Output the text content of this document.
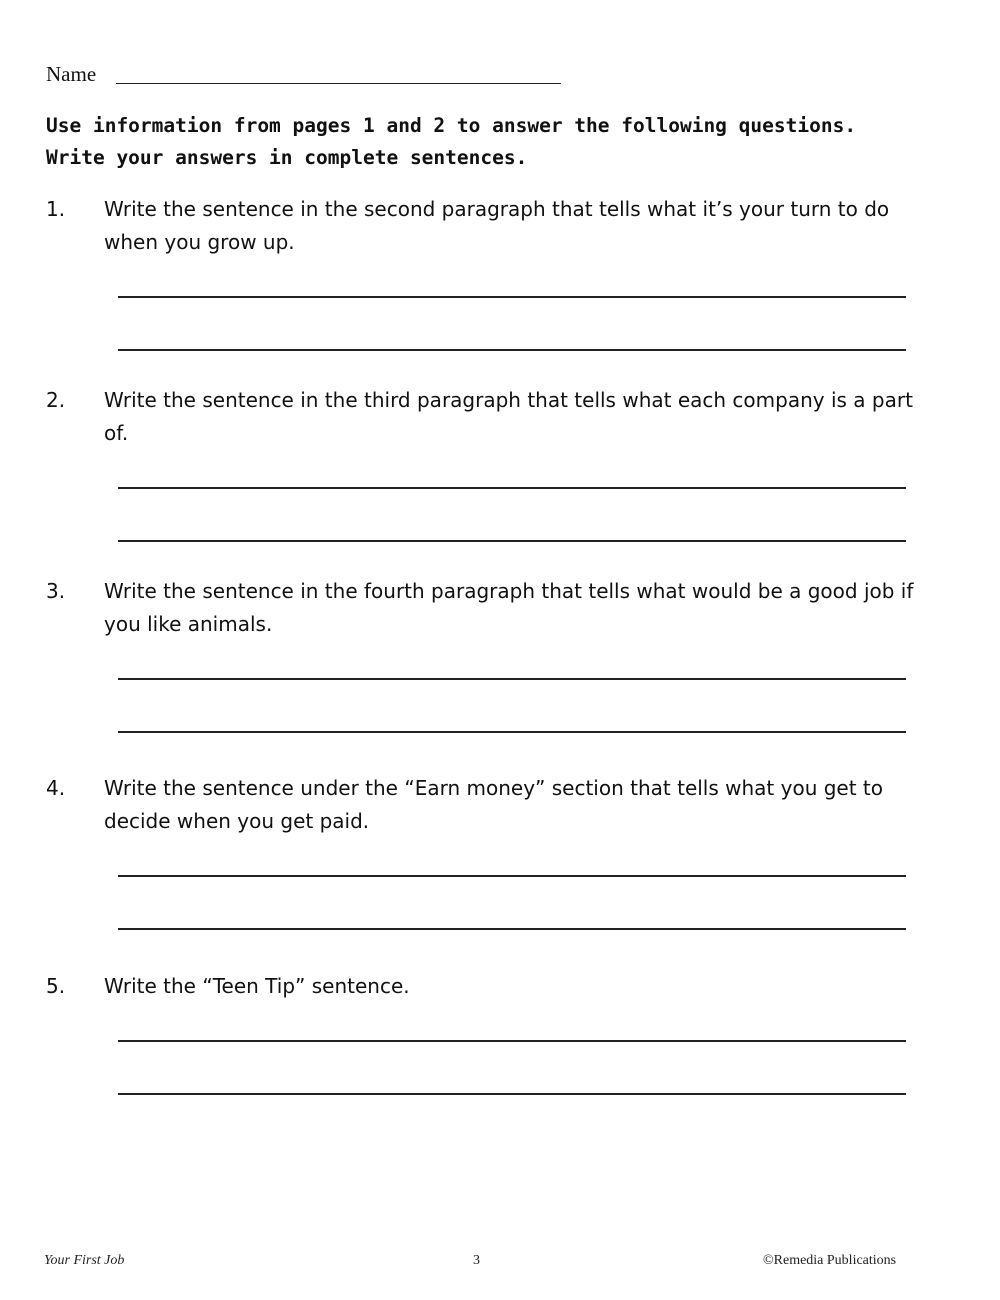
Name
Use information from pages 1 and 2 to answer the following questions.
Write your answers in complete sentences.
1. Write the sentence in the second paragraph that tells what it’s your turn to do when you grow up.
2. Write the sentence in the third paragraph that tells what each company is a part of.
3. Write the sentence in the fourth paragraph that tells what would be a good job if you like animals.
4. Write the sentence under the “Earn money” section that tells what you get to decide when you get paid.
5. Write the “Teen Tip” sentence.
Your First Job	3	©Remedia Publications
